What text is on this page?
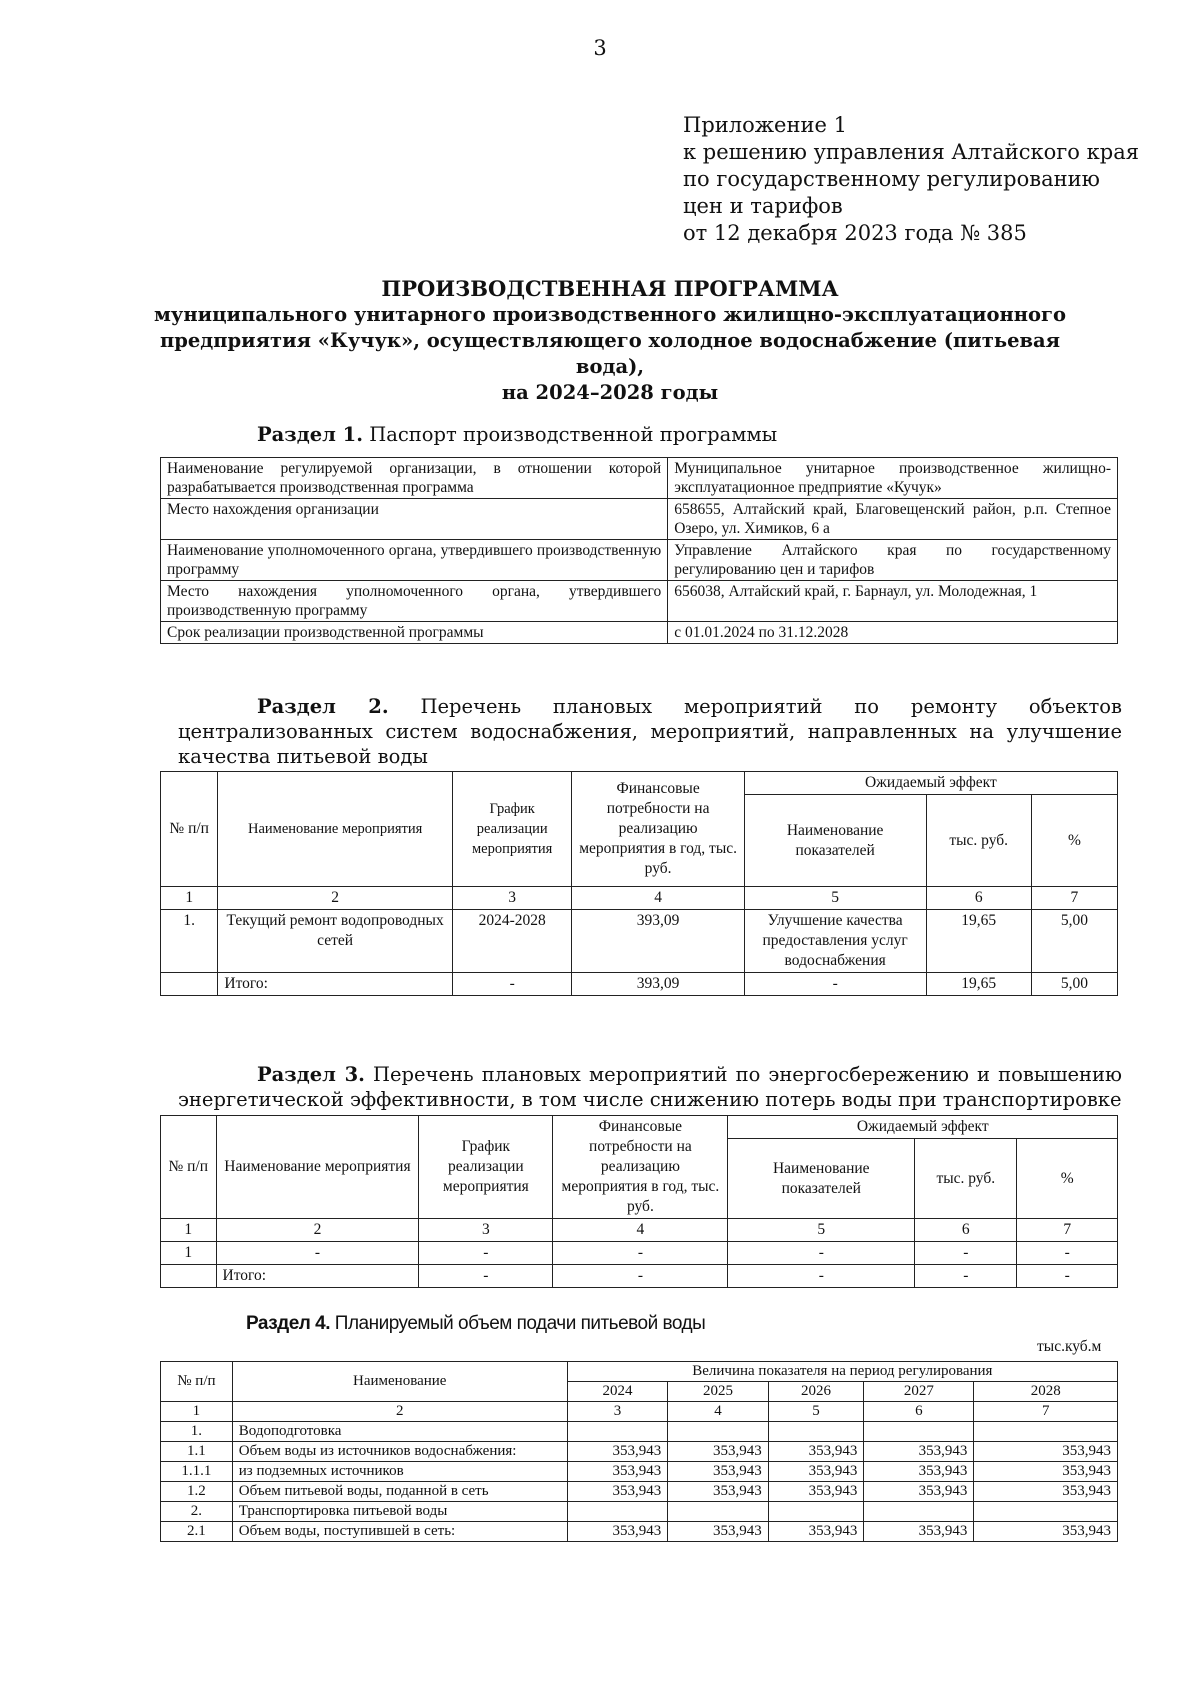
3
Приложение 1
к решению управления Алтайского края
по государственному регулированию
цен и тарифов
от 12 декабря 2023 года № 385
ПРОИЗВОДСТВЕННАЯ ПРОГРАММА
муниципального унитарного производственного жилищно-эксплуатационного
предприятия «Кучук», осуществляющего холодное водоснабжение (питьевая вода),
на 2024–2028 годы
Раздел 1. Паспорт производственной программы
Наименование регулируемой организации, в отношении которой разрабатывается производственная программа	Муниципальное унитарное производственное жилищно-эксплуатационное предприятие «Кучук»
Место нахождения организации	658655, Алтайский край, Благовещенский район, р.п. Степное Озеро, ул. Химиков, 6 а
Наименование уполномоченного органа, утвердившего производственную программу	Управление Алтайского края по государственному регулированию цен и тарифов
Место нахождения уполномоченного органа, утвердившего производственную программу	656038, Алтайский край, г. Барнаул, ул. Молодежная, 1
Срок реализации производственной программы	с 01.01.2024 по 31.12.2028
Раздел 2. Перечень плановых мероприятий по ремонту объектов централизованных систем водоснабжения, мероприятий, направленных на улучшение качества питьевой воды
№ п/п	Наименование мероприятия	График реализации мероприятия	Финансовые потребности на реализацию мероприятия в год, тыс. руб.	Ожидаемый эффект		
				Наименование показателей	тыс. руб.	%
1	2	3	4	5	6	7
1.	Текущий ремонт водопроводных сетей	2024-2028	393,09	Улучшение качества предоставления услуг водоснабжения	19,65	5,00
	Итого:	-	393,09	-	19,65	5,00
Раздел 3. Перечень плановых мероприятий по энергосбережению и повышению энергетической эффективности, в том числе снижению потерь воды при транспортировке
№ п/п	Наименование мероприятия	График реализации мероприятия	Финансовые потребности на реализацию мероприятия в год, тыс. руб.	Ожидаемый эффект		
				Наименование показателей	тыс. руб.	%
1	2	3	4	5	6	7
1	-	-	-	-	-	-
	Итого:	-	-	-	-	-
Раздел 4. Планируемый объем подачи питьевой воды
тыс.куб.м
№ п/п	Наименование	Величина показателя на период регулирования				
		2024	2025	2026	2027	2028
1	2	3	4	5	6	7
1.	Водоподготовка					
1.1	Объем воды из источников водоснабжения:	353,943	353,943	353,943	353,943	353,943
1.1.1	из подземных источников	353,943	353,943	353,943	353,943	353,943
1.2	Объем питьевой воды, поданной в сеть	353,943	353,943	353,943	353,943	353,943
2.	Транспортировка питьевой воды					
2.1	Объем воды, поступившей в сеть:	353,943	353,943	353,943	353,943	353,943
